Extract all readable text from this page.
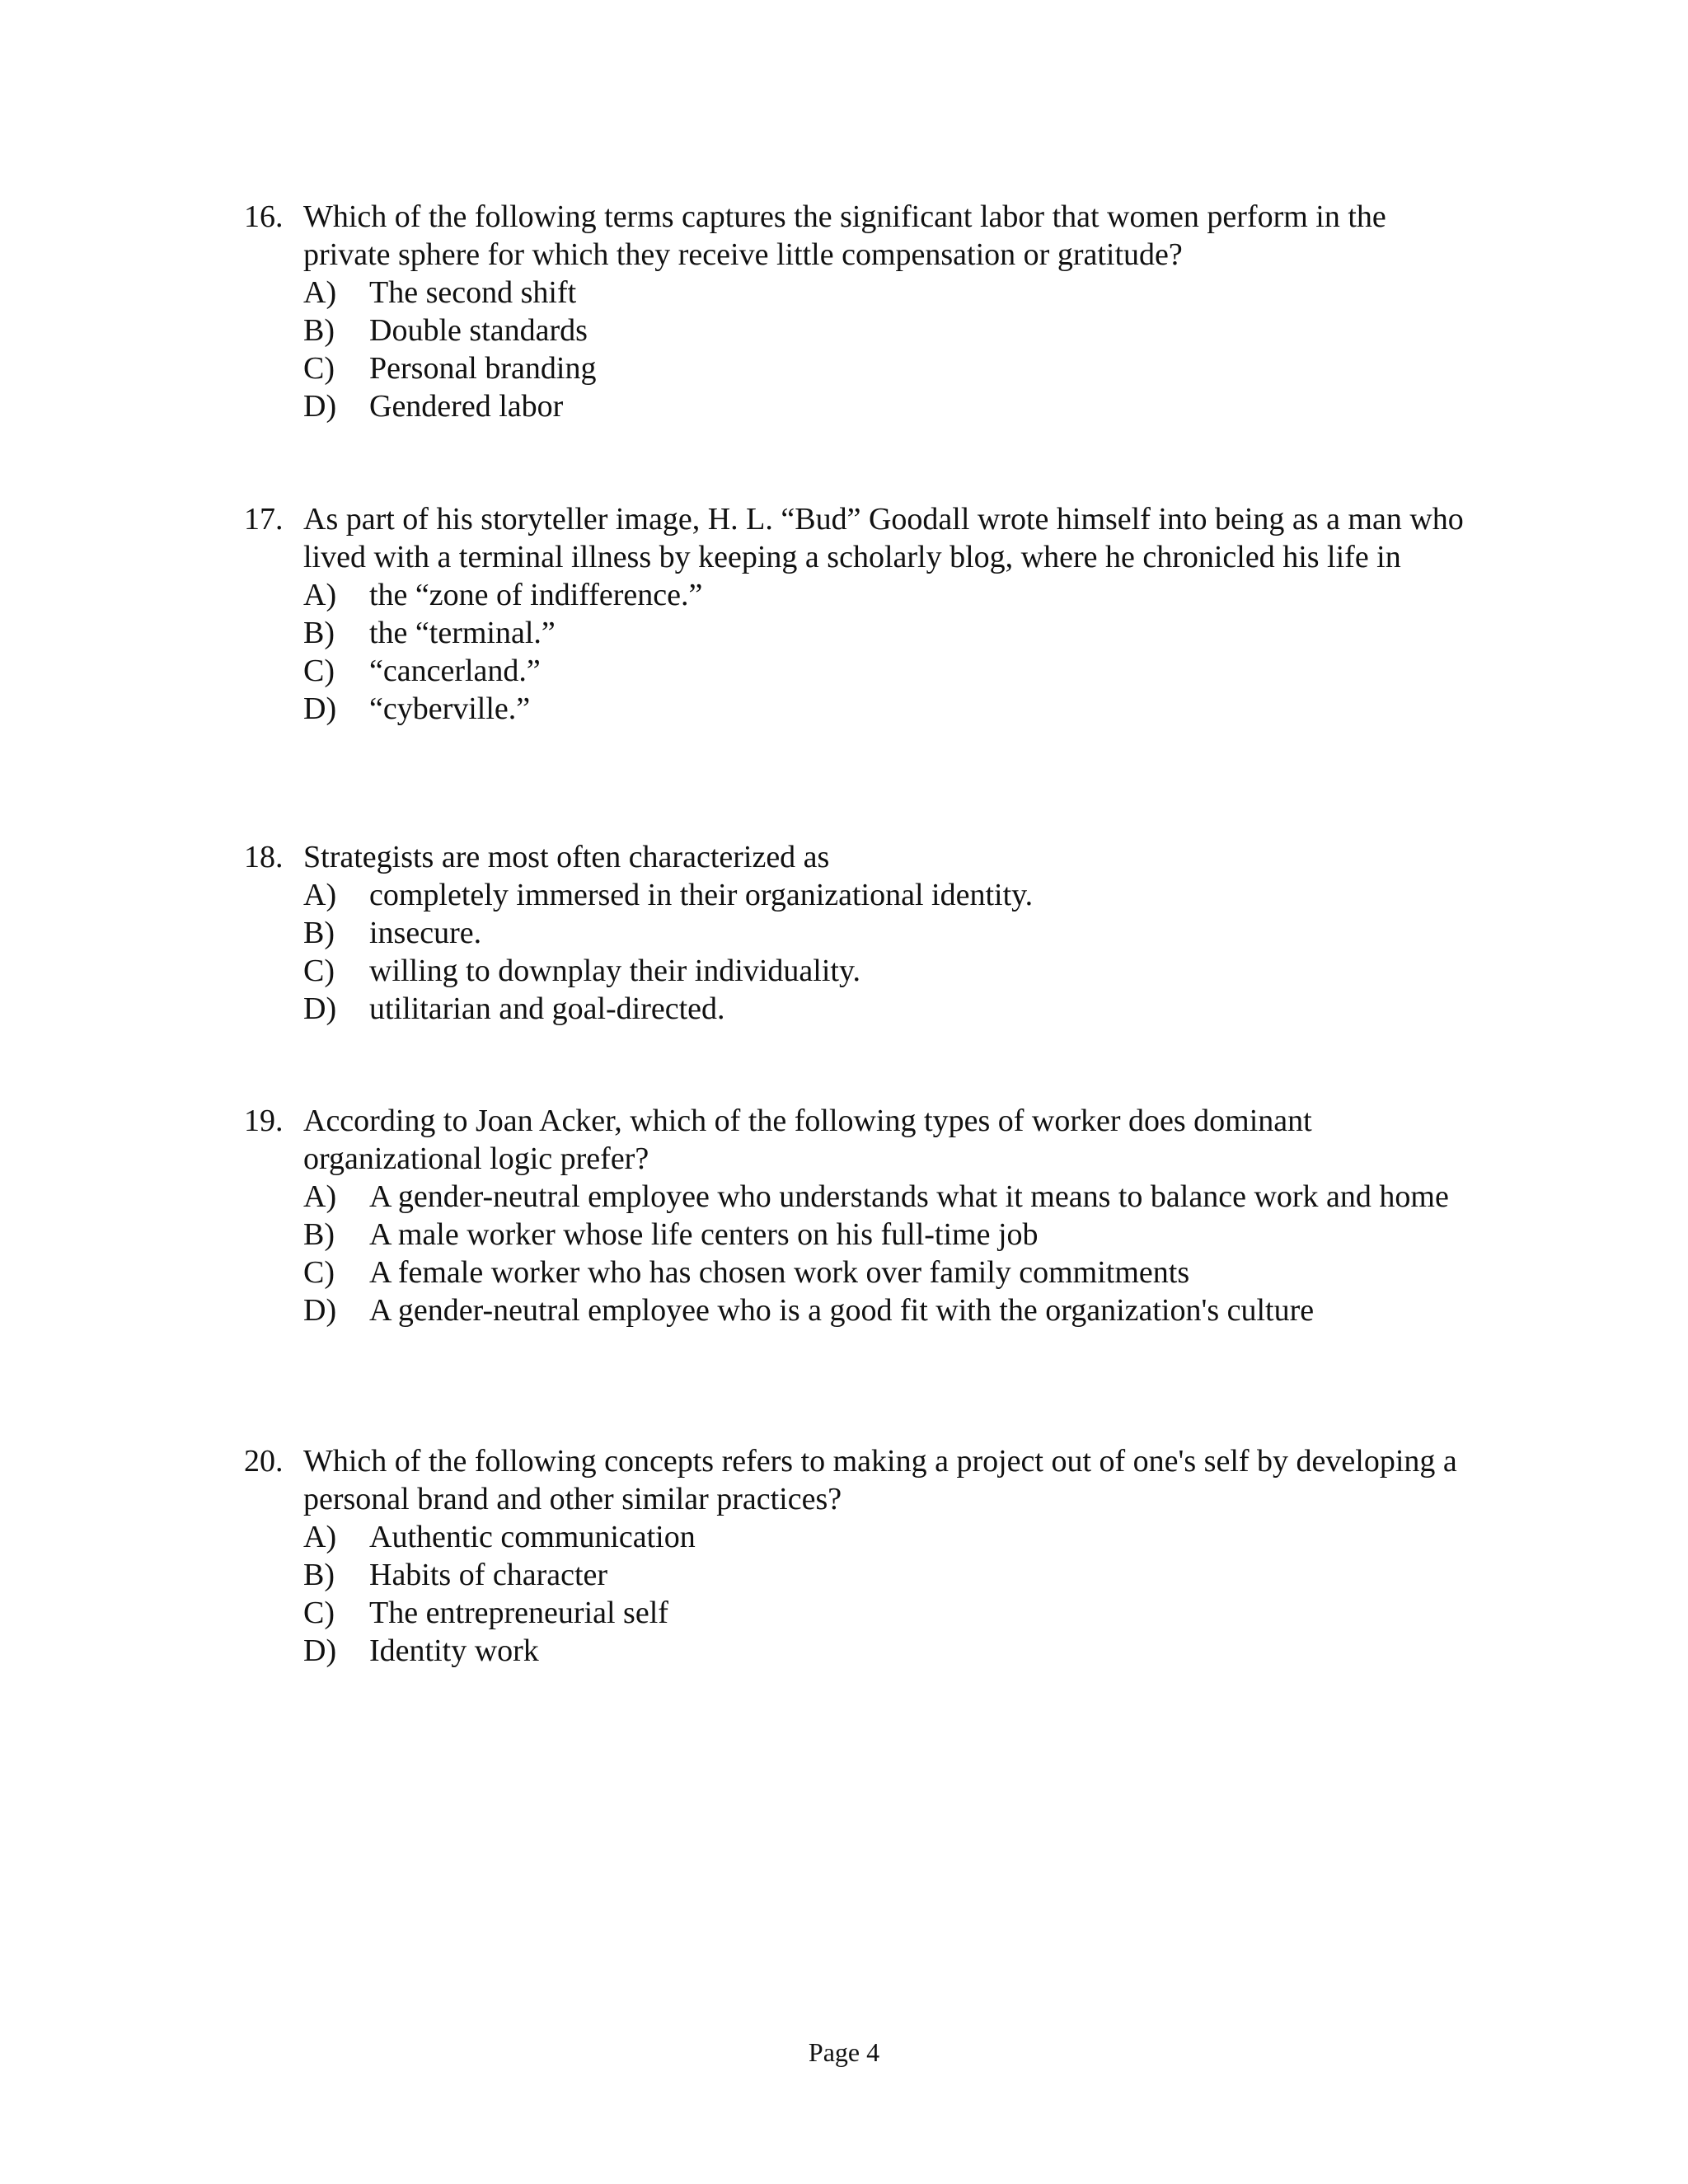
16. Which of the following terms captures the significant labor that women perform in the private sphere for which they receive little compensation or gratitude?
A)	The second shift
B)	Double standards
C)	Personal branding
D)	Gendered labor
17. As part of his storyteller image, H. L. “Bud” Goodall wrote himself into being as a man who lived with a terminal illness by keeping a scholarly blog, where he chronicled his life in
A)	the “zone of indifference.”
B)	the “terminal.”
C)	“cancerland.”
D)	“cyberville.”
18. Strategists are most often characterized as
A)	completely immersed in their organizational identity.
B)	insecure.
C)	willing to downplay their individuality.
D)	utilitarian and goal-directed.
19. According to Joan Acker, which of the following types of worker does dominant organizational logic prefer?
A)	A gender-neutral employee who understands what it means to balance work and home
B)	A male worker whose life centers on his full-time job
C)	A female worker who has chosen work over family commitments
D)	A gender-neutral employee who is a good fit with the organization's culture
20. Which of the following concepts refers to making a project out of one's self by developing a personal brand and other similar practices?
A)	Authentic communication
B)	Habits of character
C)	The entrepreneurial self
D)	Identity work
Page 4
